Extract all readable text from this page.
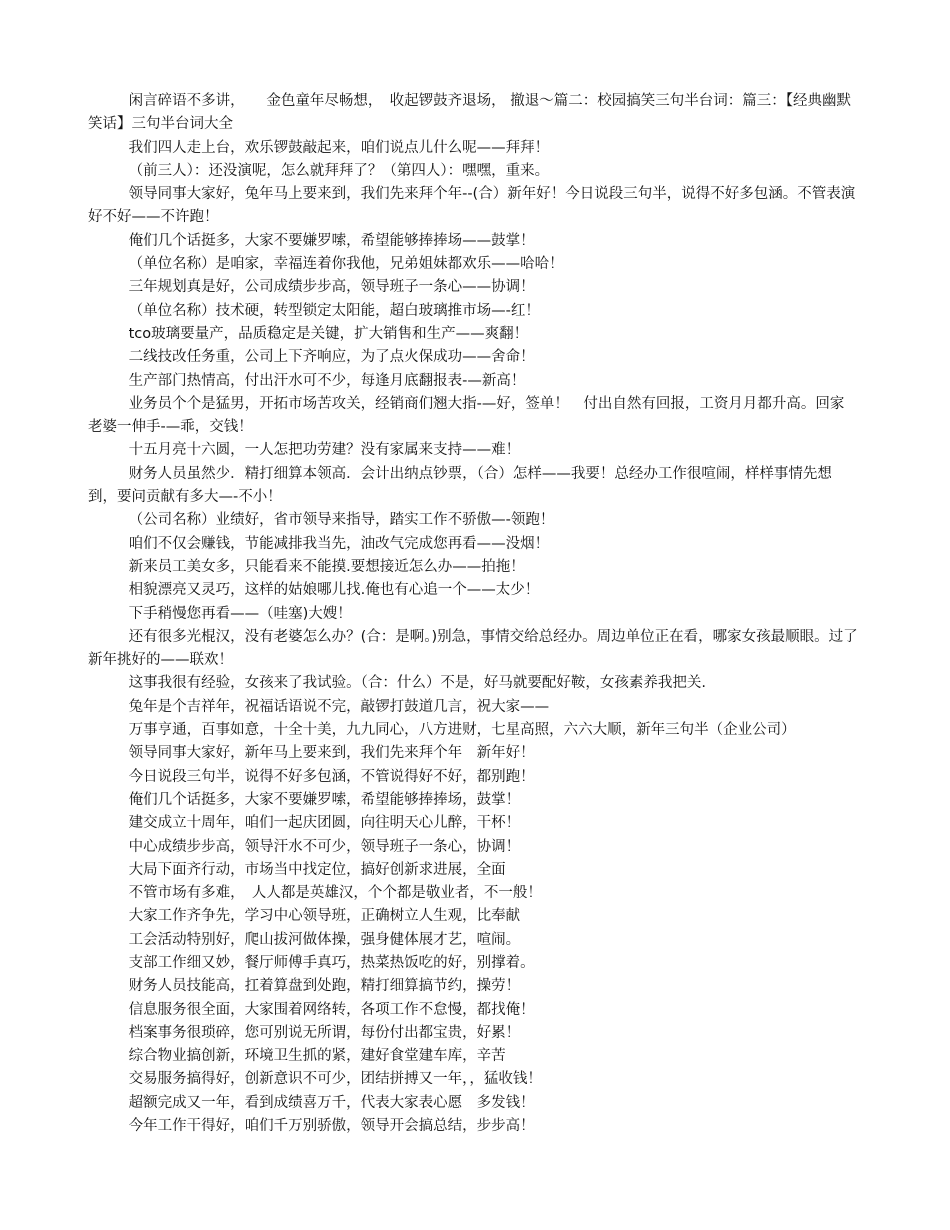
闲言碎语不多讲，　　金色童年尽畅想，　收起锣鼓齐退场， 撤退～篇二：校园搞笑三句半台词：篇三：【经典幽默笑话】三句半台词大全

我们四人走上台，欢乐锣鼓敲起来，咱们说点儿什么呢——拜拜！

（前三人）：还没演呢，怎么就拜拜了？（第四人）：嘿嘿，重来。

领导同事大家好，兔年马上要来到，我们先来拜个年--(合）新年好！今日说段三句半，说得不好多包涵。不管表演好不好——不许跑！

俺们几个话挺多，大家不要嫌罗嗦，希望能够捧捧场——鼓掌！

（单位名称）是咱家，幸福连着你我他，兄弟姐妹都欢乐——哈哈！

三年规划真是好，公司成绩步步高，领导班子一条心——协调！

（单位名称）技术硬，转型锁定太阳能，超白玻璃推市场—-红！

tco玻璃要量产，品质稳定是关键，扩大销售和生产——爽翻！

二线技改任务重，公司上下齐响应，为了点火保成功——舍命！

生产部门热情高，付出汗水可不少，每逢月底翻报表-—新高！

业务员个个是猛男，开拓市场苦攻关，经销商们翘大指-—好，签单！　付出自然有回报，工资月月都升高。回家老婆一伸手-—乖，交钱！

十五月亮十六圆，一人怎把功劳建？没有家属来支持——难！

财务人员虽然少．精打细算本领高．会计出纳点钞票，（合）怎样——我要！总经办工作很喧闹，样样事情先想到，要问贡献有多大—-不小！

（公司名称）业绩好，省市领导来指导，踏实工作不骄傲—-领跑！

咱们不仅会赚钱，节能减排我当先，油改气完成您再看——没烟！

新来员工美女多，只能看来不能摸.要想接近怎么办——拍拖！

相貌漂亮又灵巧，这样的姑娘哪儿找.俺也有心追一个——太少！

下手稍慢您再看——（哇塞)大嫂！

还有很多光棍汉，没有老婆怎么办？(合：是啊。)别急，事情交给总经办。周边单位正在看，哪家女孩最顺眼。过了新年挑好的——联欢！

这事我很有经验，女孩来了我试验。（合：什么）不是，好马就要配好鞍，女孩素养我把关.

兔年是个吉祥年，祝福话语说不完，敲锣打鼓道几言，祝大家——

万事亨通，百事如意，十全十美，九九同心，八方进财，七星高照，六六大顺，新年三句半（企业公司）

领导同事大家好，新年马上要来到，我们先来拜个年　新年好！

今日说段三句半，说得不好多包涵，不管说得好不好，都别跑！

俺们几个话挺多，大家不要嫌罗嗦，希望能够捧捧场，鼓掌！

建交成立十周年，咱们一起庆团圆，向往明天心儿醉，干杯！

中心成绩步步高，领导汗水不可少，领导班子一条心，协调！

大局下面齐行动，市场当中找定位，搞好创新求进展，全面

不管市场有多难，　人人都是英雄汉，个个都是敬业者，不一般！

大家工作齐争先，学习中心领导班，正确树立人生观，比奉献

工会活动特别好，爬山拔河做体操，强身健体展才艺，喧闹。

支部工作细又妙，餐厅师傅手真巧，热菜热饭吃的好，别撑着。

财务人员技能高，扛着算盘到处跑，精打细算搞节约，操劳！

信息服务很全面，大家围着网络转，各项工作不怠慢，都找俺！

档案事务很琐碎，您可别说无所谓，每份付出都宝贵，好累！

综合物业搞创新，环境卫生抓的紧，建好食堂建车库，辛苦

交易服务搞得好，创新意识不可少，团结拼搏又一年，，猛收钱！

超额完成又一年，看到成绩喜万千，代表大家表心愿　多发钱！

今年工作干得好，咱们千万别骄傲，领导开会搞总结，步步高！
